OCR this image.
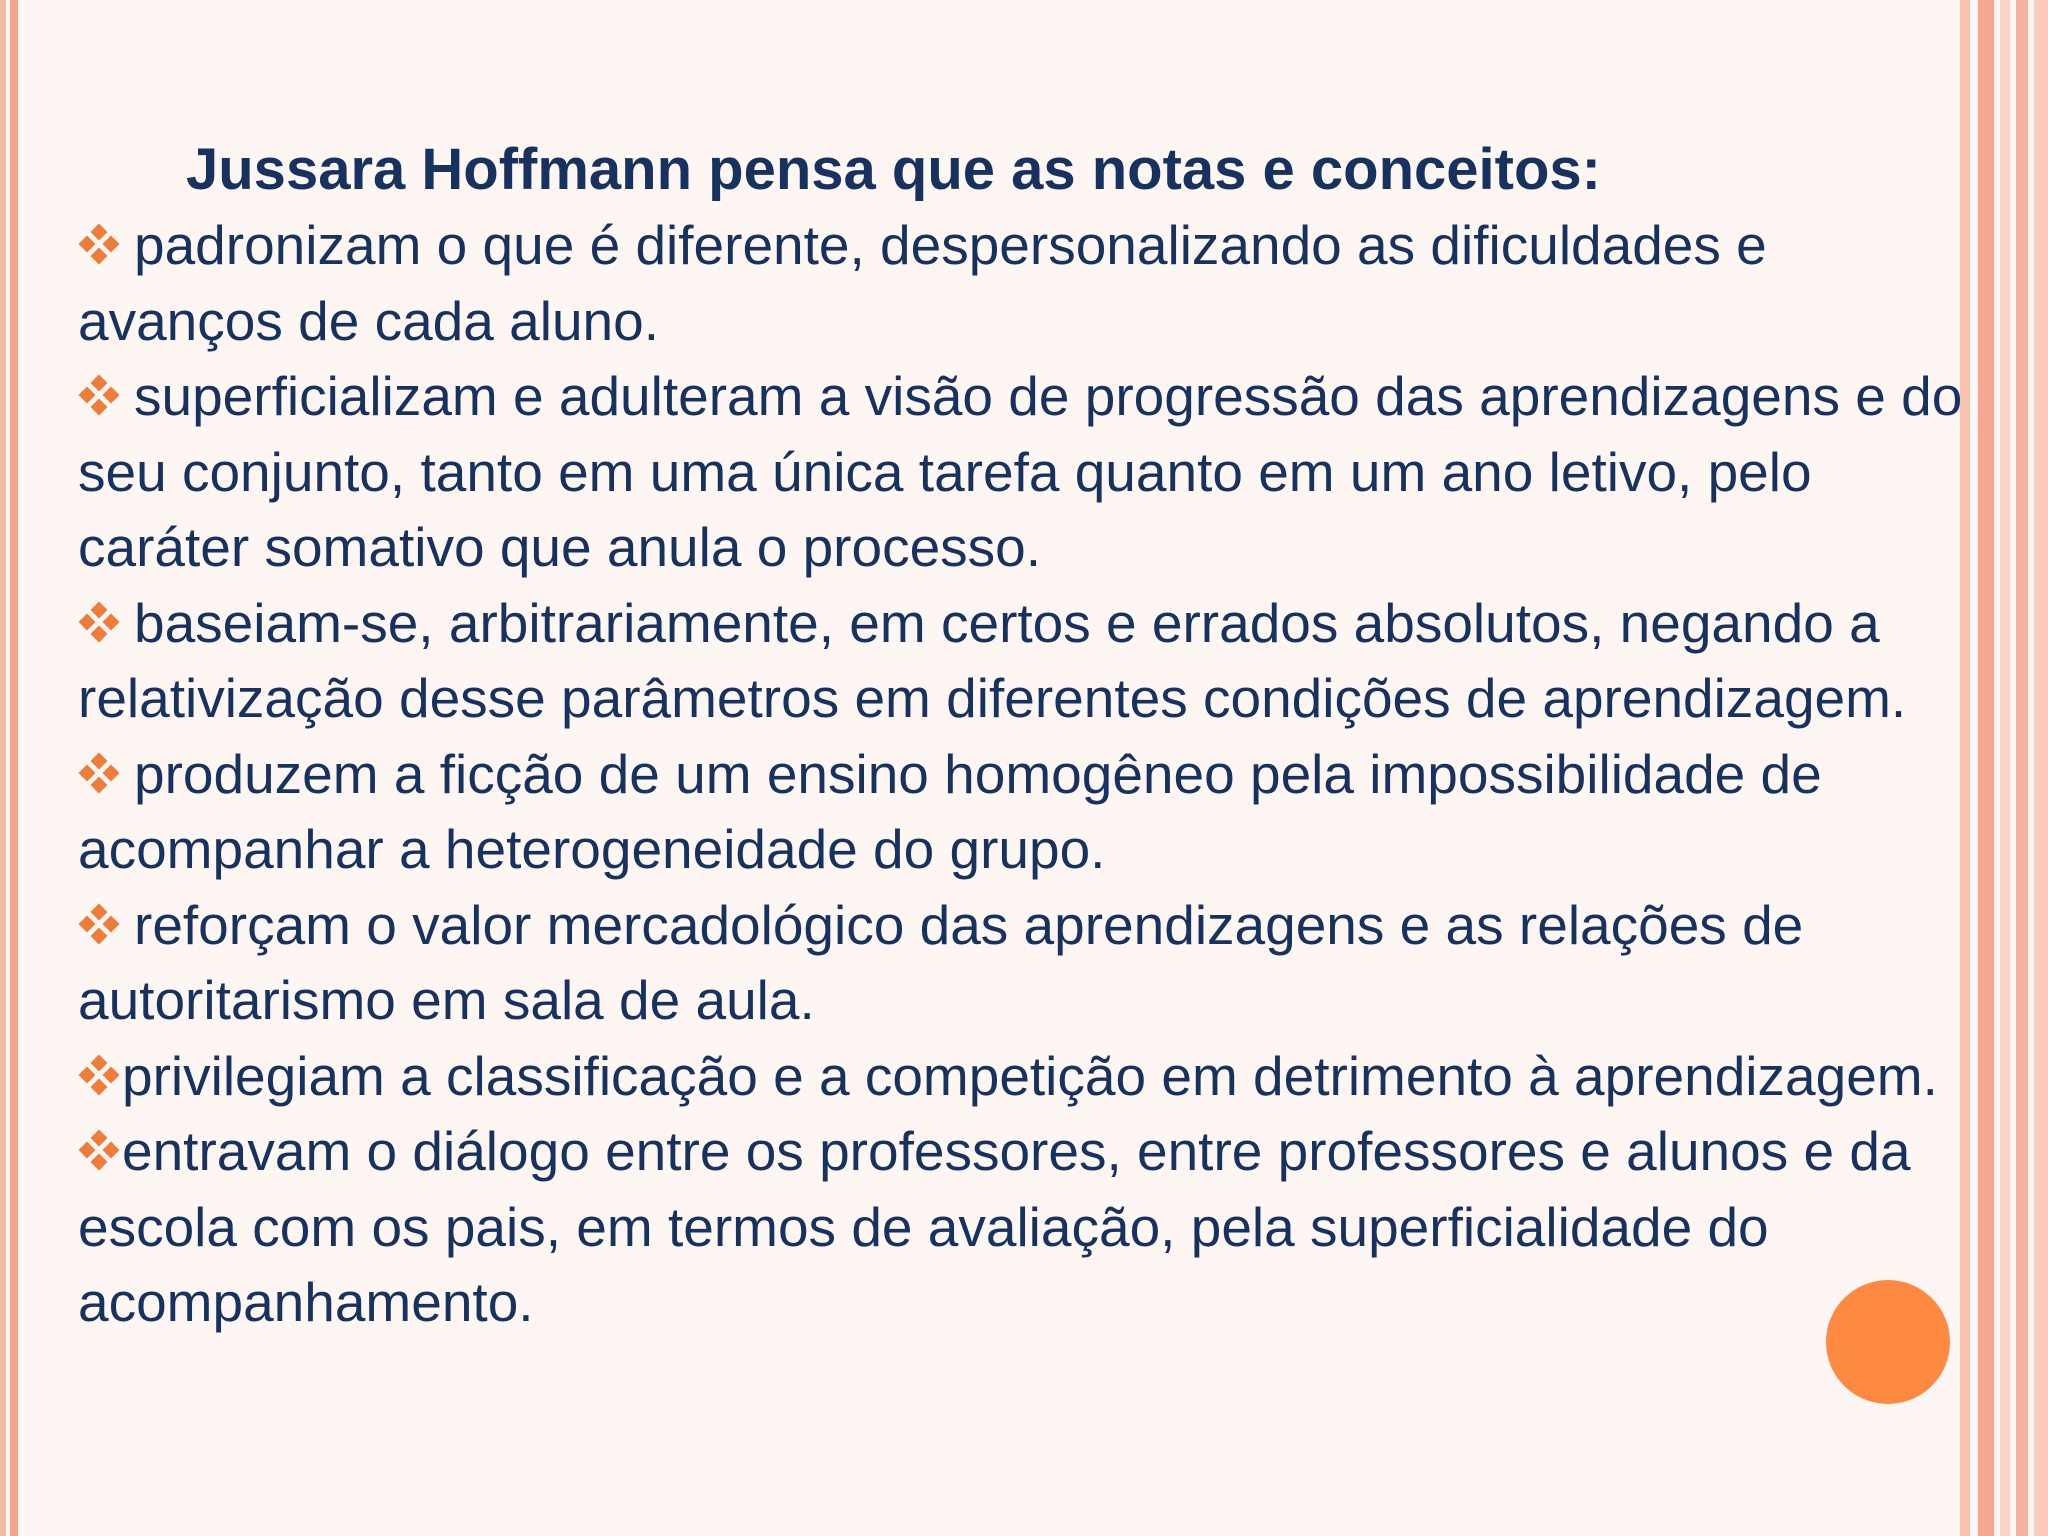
Jussara Hoffmann pensa que as notas e conceitos:
padronizam o que é diferente, despersonalizando as dificuldades e avanços de cada aluno.
superficializam e adulteram a visão de progressão das aprendizagens e do seu conjunto, tanto em uma única tarefa quanto em um ano letivo, pelo caráter somativo que anula o processo.
baseiam-se, arbitrariamente, em certos e errados absolutos, negando a relativização desse parâmetros em diferentes condições de aprendizagem.
produzem a ficção de um ensino homogêneo pela impossibilidade de acompanhar a heterogeneidade do grupo.
reforçam o valor mercadológico das aprendizagens e as relações de autoritarismo em sala de aula.
privilegiam a classificação e a competição em detrimento à aprendizagem.
entravam o diálogo entre os professores, entre professores e alunos e da escola com os pais, em termos de avaliação, pela superficialidade do acompanhamento.
